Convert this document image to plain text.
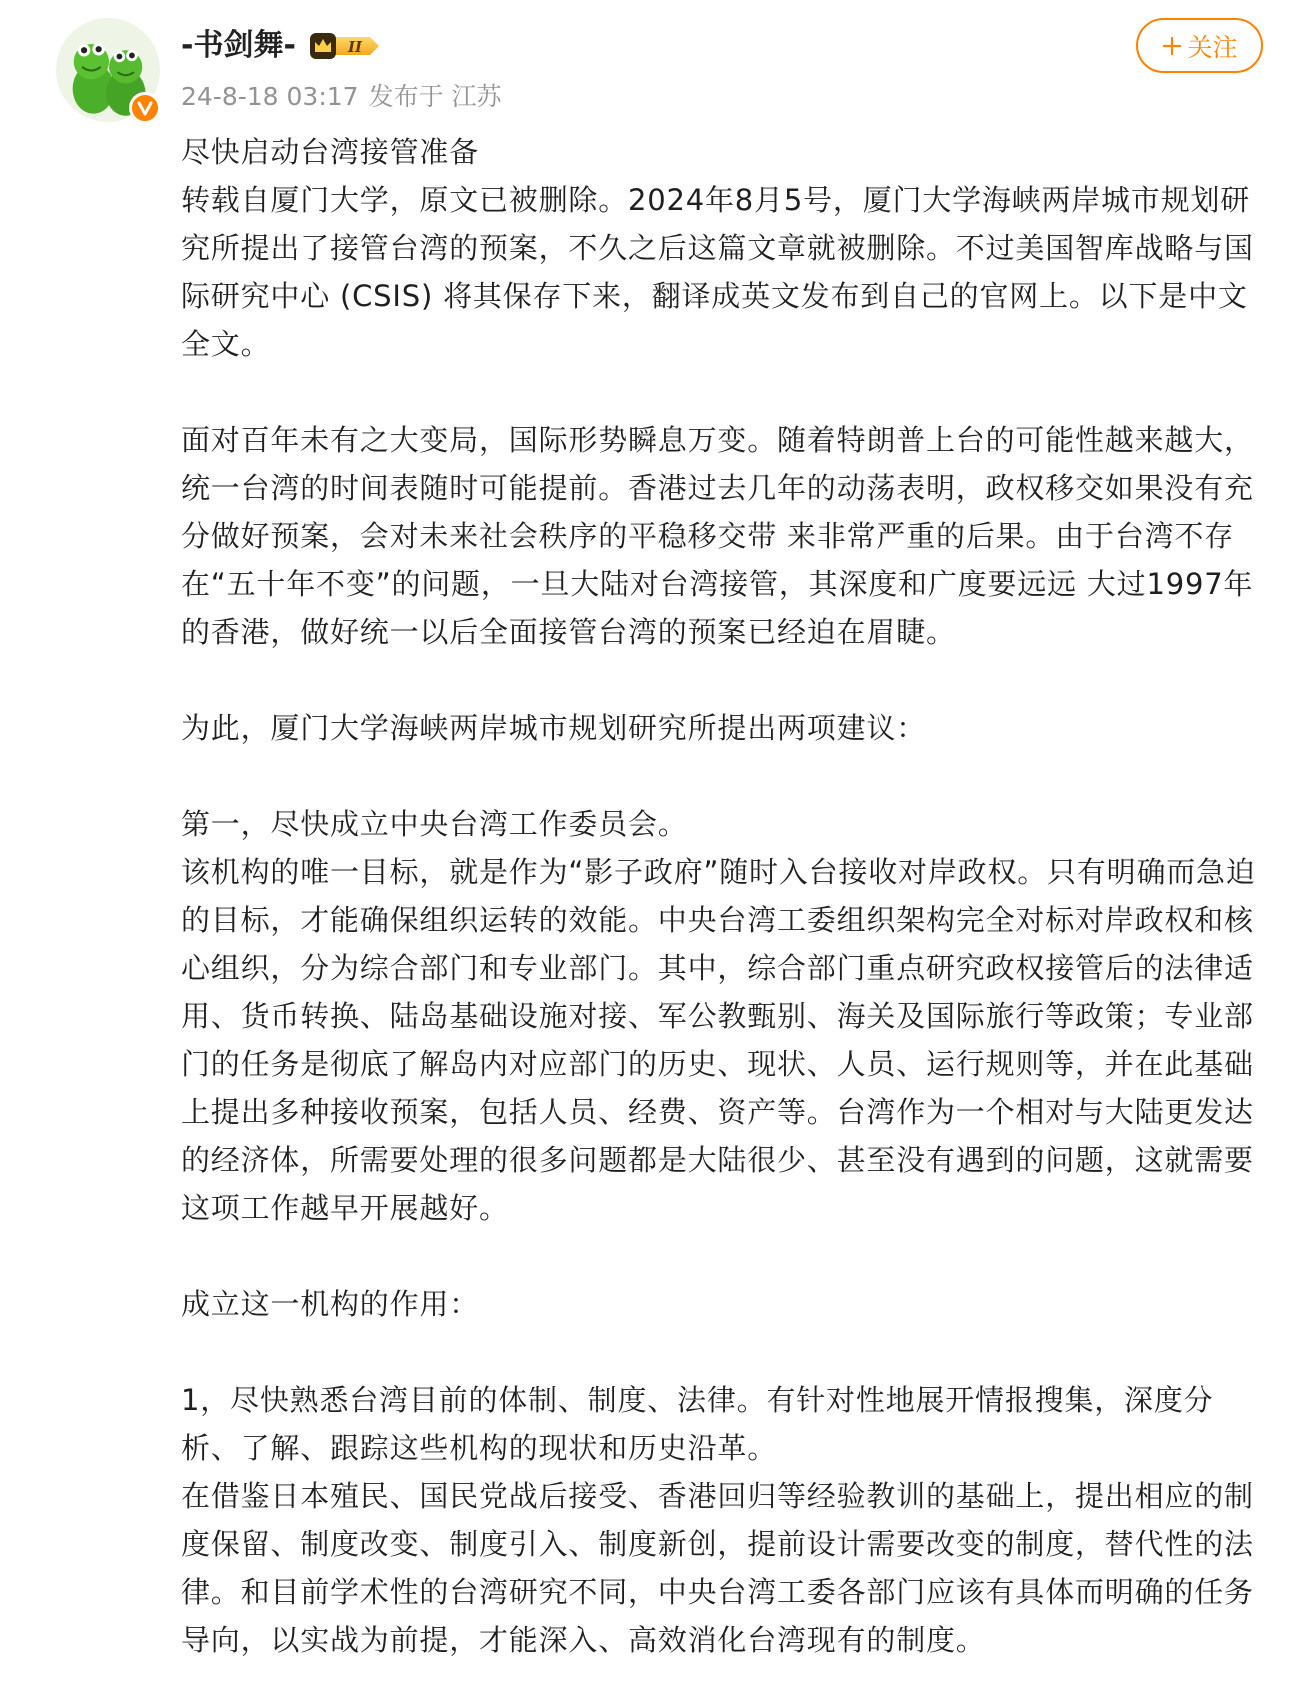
-书剑舞-	II
24-8-18 03:17 发布于 江苏
关注
尽快启动台湾接管准备
转载自厦门大学，原文已被删除。2024年8月5号，厦门大学海峡两岸城市规划研
究所提出了接管台湾的预案，不久之后这篇文章就被删除。不过美国智库战略与国
际研究中心 (CSIS) 将其保存下来，翻译成英文发布到自己的官网上。以下是中文
全文。
面对百年未有之大变局，国际形势瞬息万变。随着特朗普上台的可能性越来越大，
统一台湾的时间表随时可能提前。香港过去几年的动荡表明，政权移交如果没有充
分做好预案，会对未来社会秩序的平稳移交带 来非常严重的后果。由于台湾不存
在“五十年不变”的问题，一旦大陆对台湾接管，其深度和广度要远远 大过1997年
的香港，做好统一以后全面接管台湾的预案已经迫在眉睫。
为此，厦门大学海峡两岸城市规划研究所提出两项建议：
第一，尽快成立中央台湾工作委员会。
该机构的唯一目标，就是作为“影子政府”随时入台接收对岸政权。只有明确而急迫
的目标，才能确保组织运转的效能。中央台湾工委组织架构完全对标对岸政权和核
心组织，分为综合部门和专业部门。其中，综合部门重点研究政权接管后的法律适
用、货币转换、陆岛基础设施对接、军公教甄别、海关及国际旅行等政策；专业部
门的任务是彻底了解岛内对应部门的历史、现状、人员、运行规则等，并在此基础
上提出多种接收预案，包括人员、经费、资产等。台湾作为一个相对与大陆更发达
的经济体，所需要处理的很多问题都是大陆很少、甚至没有遇到的问题，这就需要
这项工作越早开展越好。
成立这一机构的作用：
1，尽快熟悉台湾目前的体制、制度、法律。有针对性地展开情报搜集，深度分
析、了解、跟踪这些机构的现状和历史沿革。
在借鉴日本殖民、国民党战后接受、香港回归等经验教训的基础上，提出相应的制
度保留、制度改变、制度引入、制度新创，提前设计需要改变的制度，替代性的法
律。和目前学术性的台湾研究不同，中央台湾工委各部门应该有具体而明确的任务
导向，以实战为前提，才能深入、高效消化台湾现有的制度。
